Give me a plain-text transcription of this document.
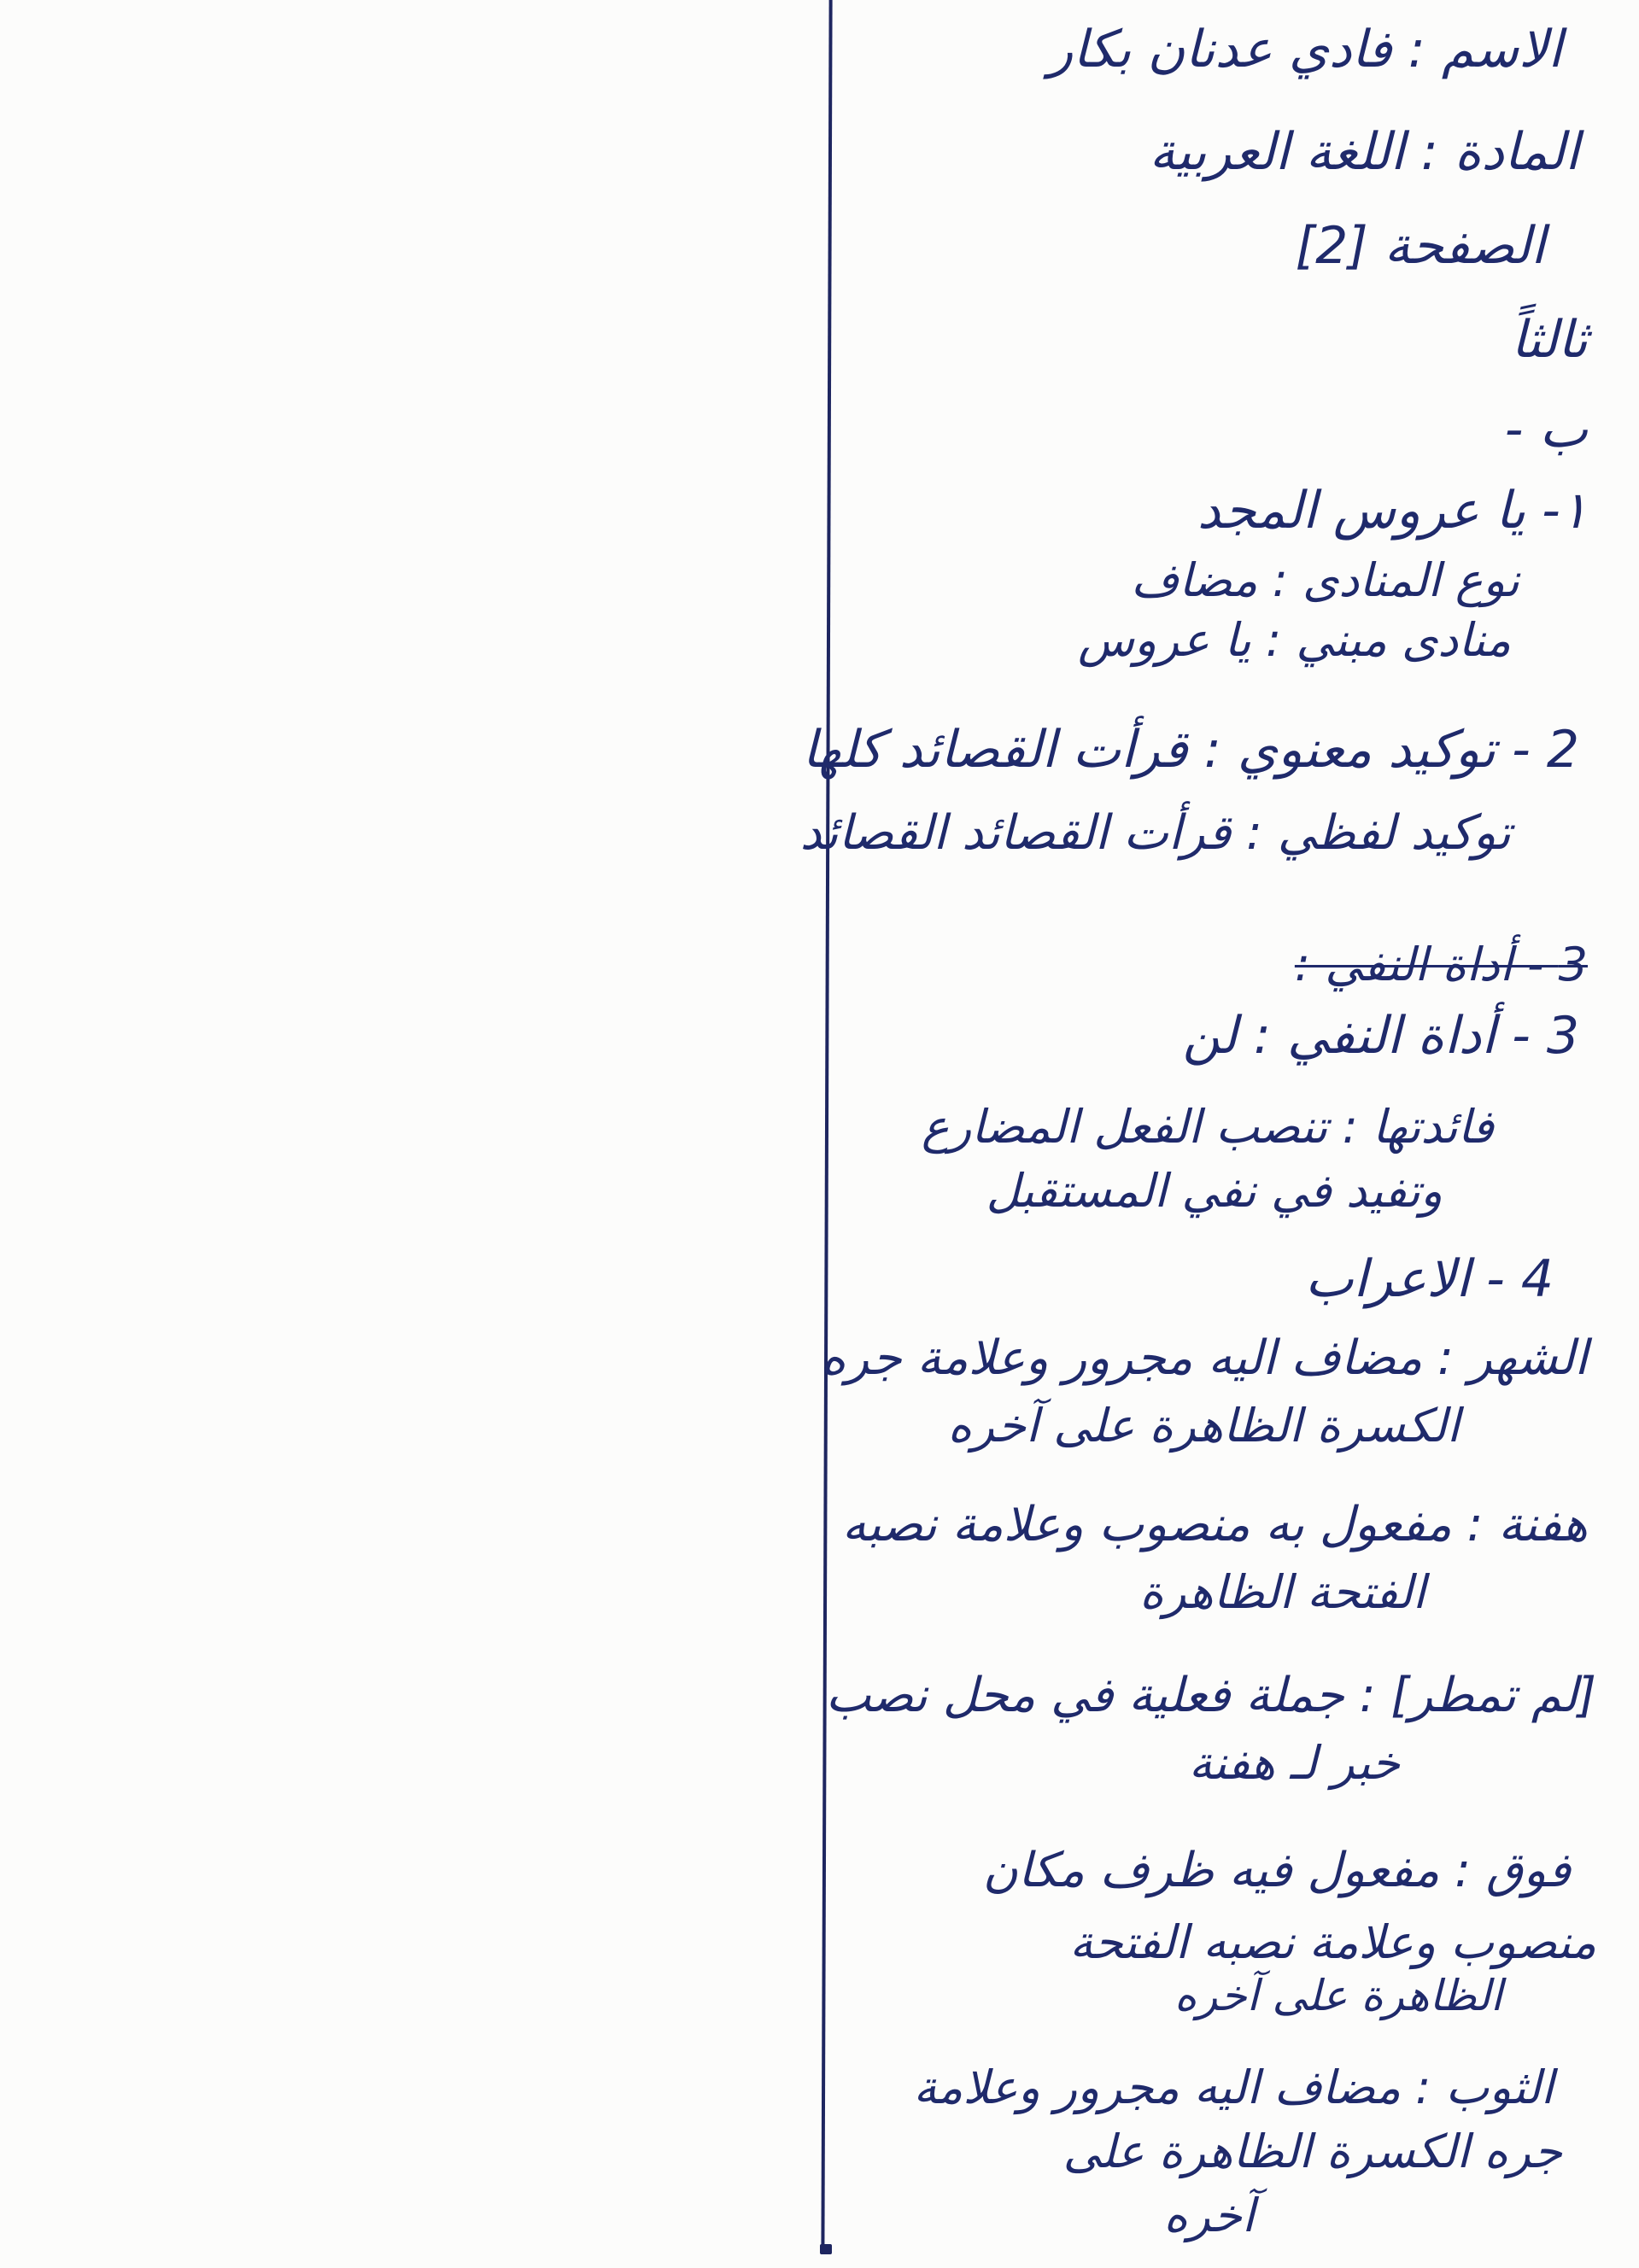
الاسم : فادي عدنان بكار
المادة : اللغة العربية
الصفحة [2]
ثالثاً
ب -
١- يا عروس المجد
نوع المنادى : مضاف
منادى مبني : يا عروس
2 - توكيد معنوي : قرأت القصائد كلها
توكيد لفظي : قرأت القصائد القصائد
3 - أداة النفي :
3 - أداة النفي : لن
فائدتها : تنصب الفعل المضارع
وتفيد في نفي المستقبل
4 - الاعراب
الشهر : مضاف اليه مجرور وعلامة جره
الكسرة الظاهرة على آخره
هفنة : مفعول به منصوب وعلامة نصبه
الفتحة الظاهرة
[لم تمطر] : جملة فعلية في محل نصب
خبر لـ هفنة
فوق : مفعول فيه ظرف مكان
منصوب وعلامة نصبه الفتحة
الظاهرة على آخره
الثوب : مضاف اليه مجرور وعلامة
جره الكسرة الظاهرة على
آخره
